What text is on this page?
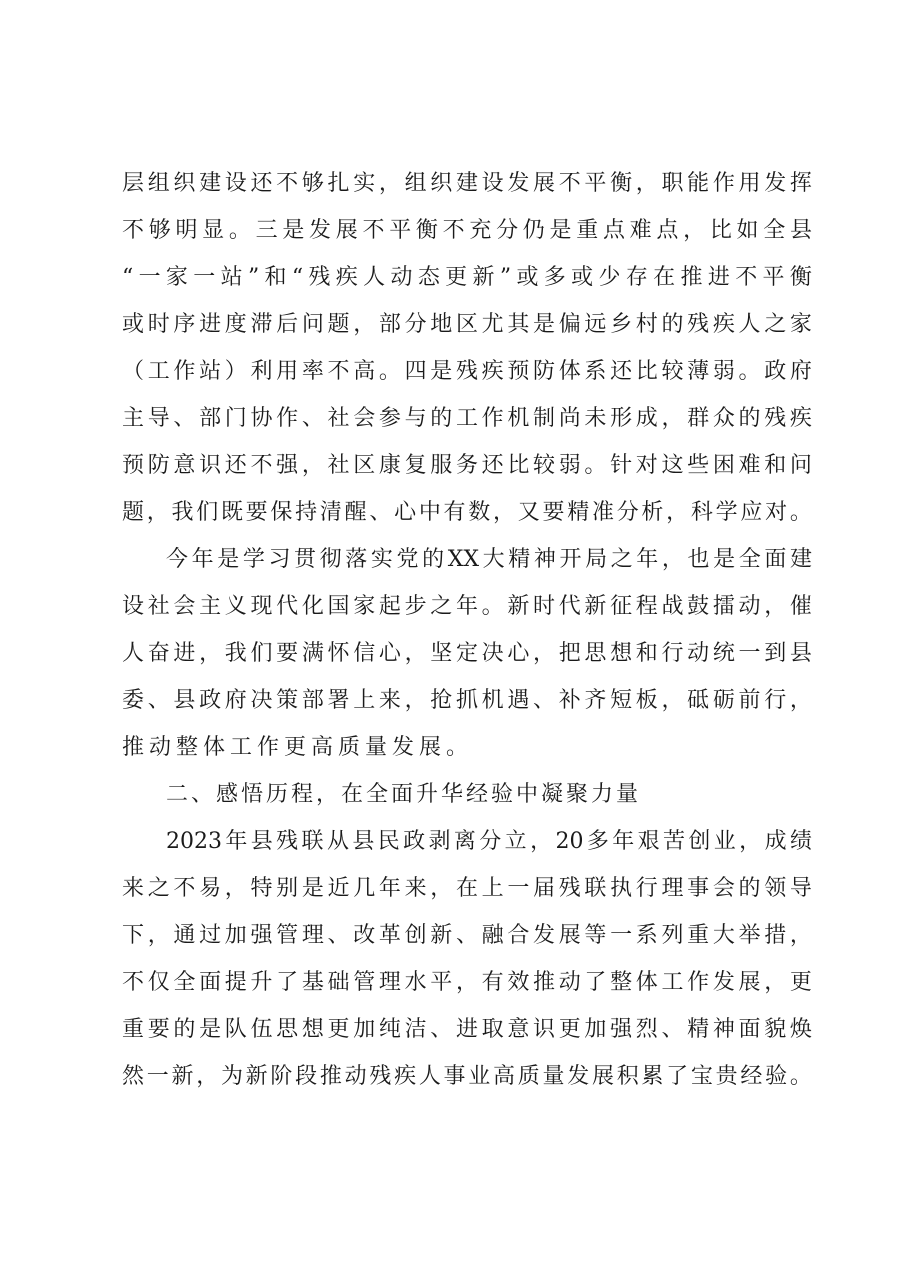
层 组 织 建 设 还 不 够 扎 实 ， 组 织 建 设 发 展 不 平 衡 ， 职 能 作 用 发 挥
不 够 明 显 。 三 是 发 展 不 平 衡 不 充 分 仍 是 重 点 难 点 ， 比 如 全 县
“ 一 家 一 站 ” 和 “ 残 疾 人 动 态 更 新 ” 或 多 或 少 存 在 推 进 不 平 衡
或 时 序 进 度 滞 后 问 题 ， 部 分 地 区 尤 其 是 偏 远 乡 村 的 残 疾 人 之 家
（ 工 作 站 ） 利 用 率 不 高 。 四 是 残 疾 预 防 体 系 还 比 较 薄 弱 。 政 府
主 导 、 部 门 协 作 、 社 会 参 与 的 工 作 机 制 尚 未 形 成 ， 群 众 的 残 疾
预 防 意 识 还 不 强 ， 社 区 康 复 服 务 还 比 较 弱 。 针 对 这 些 困 难 和 问
题 ， 我 们 既 要 保 持 清 醒 、 心 中 有 数 ， 又 要 精 准 分 析 ， 科 学 应 对 。
今 年 是 学 习 贯 彻 落 实 党 的 XX 大 精 神 开 局 之 年 ， 也 是 全 面 建
设 社 会 主 义 现 代 化 国 家 起 步 之 年 。 新 时 代 新 征 程 战 鼓 擂 动 ， 催
人 奋 进 ， 我 们 要 满 怀 信 心 ， 坚 定 决 心 ， 把 思 想 和 行 动 统 一 到 县
委 、 县 政 府 决 策 部 署 上 来 ， 抢 抓 机 遇 、 补 齐 短 板 ， 砥 砺 前 行 ，
推动整体工作更高质量发展。
二、感悟历程，在全面升华经验中凝聚力量
2023 年 县 残 联 从 县 民 政 剥 离 分 立 ， 20 多 年 艰 苦 创 业 ， 成 绩
来 之 不 易 ， 特 别 是 近 几 年 来 ， 在 上 一 届 残 联 执 行 理 事 会 的 领 导
下 ， 通 过 加 强 管 理 、 改 革 创 新 、 融 合 发 展 等 一 系 列 重 大 举 措 ，
不 仅 全 面 提 升 了 基 础 管 理 水 平 ， 有 效 推 动 了 整 体 工 作 发 展 ， 更
重 要 的 是 队 伍 思 想 更 加 纯 洁 、 进 取 意 识 更 加 强 烈 、 精 神 面 貌 焕
然 一 新 ， 为 新 阶 段 推 动 残 疾 人 事 业 高 质 量 发 展 积 累 了 宝 贵 经 验 。
